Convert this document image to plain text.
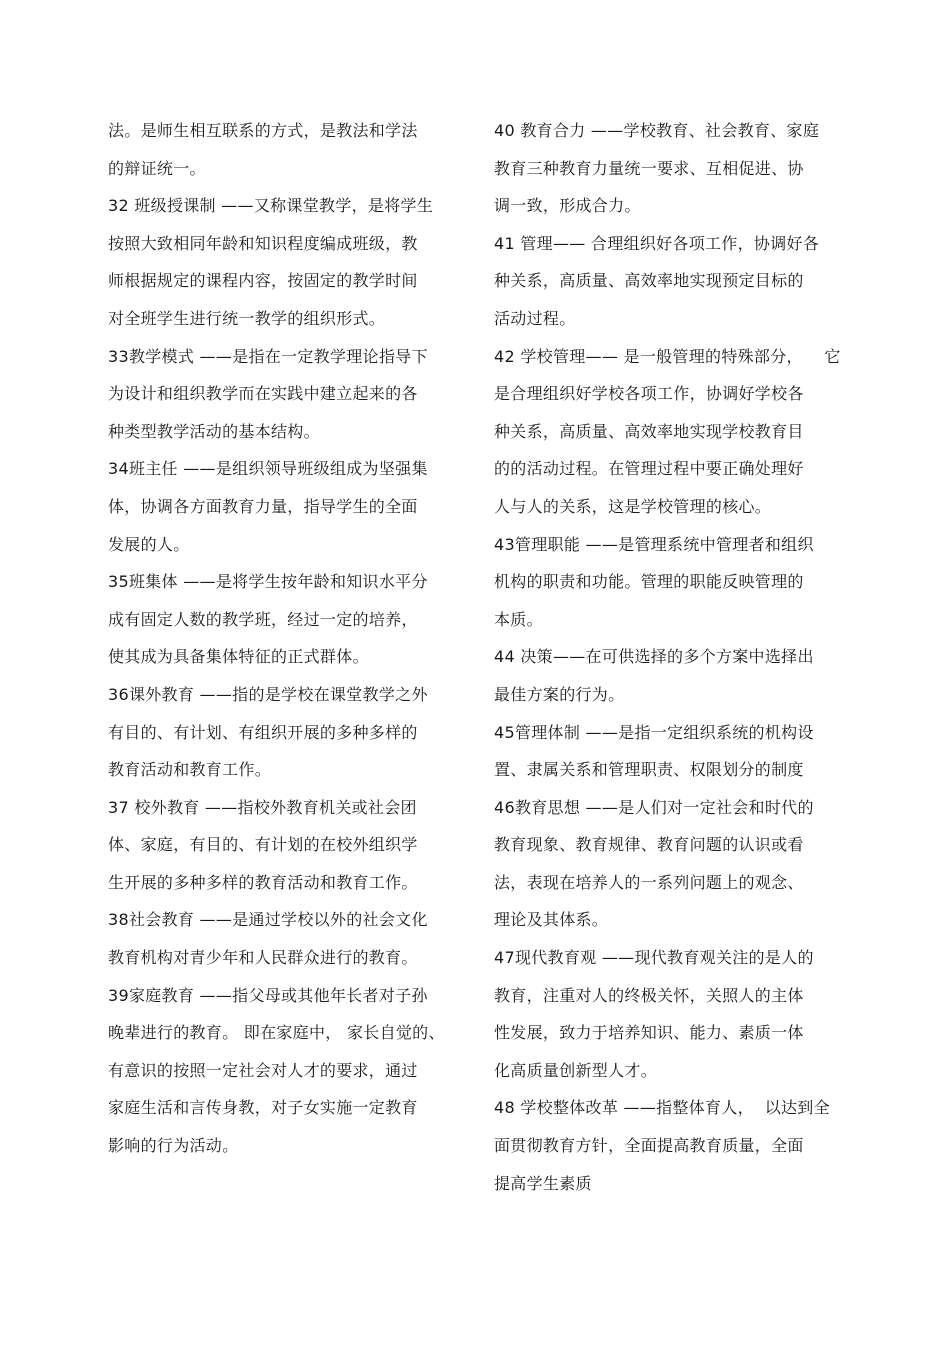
法。是师生相互联系的方式，是教法和学法
的辩证统一。
32 班级授课制 ——又称课堂教学，是将学生
按照大致相同年龄和知识程度编成班级，教
师根据规定的课程内容，按固定的教学时间
对全班学生进行统一教学的组织形式。
33教学模式 ——是指在一定教学理论指导下
为设计和组织教学而在实践中建立起来的各
种类型教学活动的基本结构。
34班主任 ——是组织领导班级组成为坚强集
体，协调各方面教育力量，指导学生的全面
发展的人。
35班集体 ——是将学生按年龄和知识水平分
成有固定人数的教学班，经过一定的培养，
使其成为具备集体特征的正式群体。
36课外教育 ——指的是学校在课堂教学之外
有目的、有计划、有组织开展的多种多样的
教育活动和教育工作。
37 校外教育 ——指校外教育机关或社会团
体、家庭，有目的、有计划的在校外组织学
生开展的多种多样的教育活动和教育工作。
38社会教育 ——是通过学校以外的社会文化
教育机构对青少年和人民群众进行的教育。
39家庭教育 ——指父母或其他年长者对子孙
晚辈进行的教育。 即在家庭中， 家长自觉的、
有意识的按照一定社会对人才的要求，通过
家庭生活和言传身教，对子女实施一定教育
影响的行为活动。
40 教育合力 ——学校教育、社会教育、家庭
教育三种教育力量统一要求、互相促进、协
调一致，形成合力。
41 管理—— 合理组织好各项工作，协调好各
种关系，高质量、高效率地实现预定目标的
活动过程。
42 学校管理—— 是一般管理的特殊部分，    它
是合理组织好学校各项工作，协调好学校各
种关系，高质量、高效率地实现学校教育目
的的活动过程。在管理过程中要正确处理好
人与人的关系，这是学校管理的核心。
43管理职能 ——是管理系统中管理者和组织
机构的职责和功能。管理的职能反映管理的
本质。
44 决策——在可供选择的多个方案中选择出
最佳方案的行为。
45管理体制 ——是指一定组织系统的机构设
置、隶属关系和管理职责、权限划分的制度
46教育思想 ——是人们对一定社会和时代的
教育现象、教育规律、教育问题的认识或看
法，表现在培养人的一系列问题上的观念、
理论及其体系。
47现代教育观 ——现代教育观关注的是人的
教育，注重对人的终极关怀，关照人的主体
性发展，致力于培养知识、能力、素质一体
化高质量创新型人才。
48 学校整体改革 ——指整体育人，  以达到全
面贯彻教育方针，全面提高教育质量，全面
提高学生素质
